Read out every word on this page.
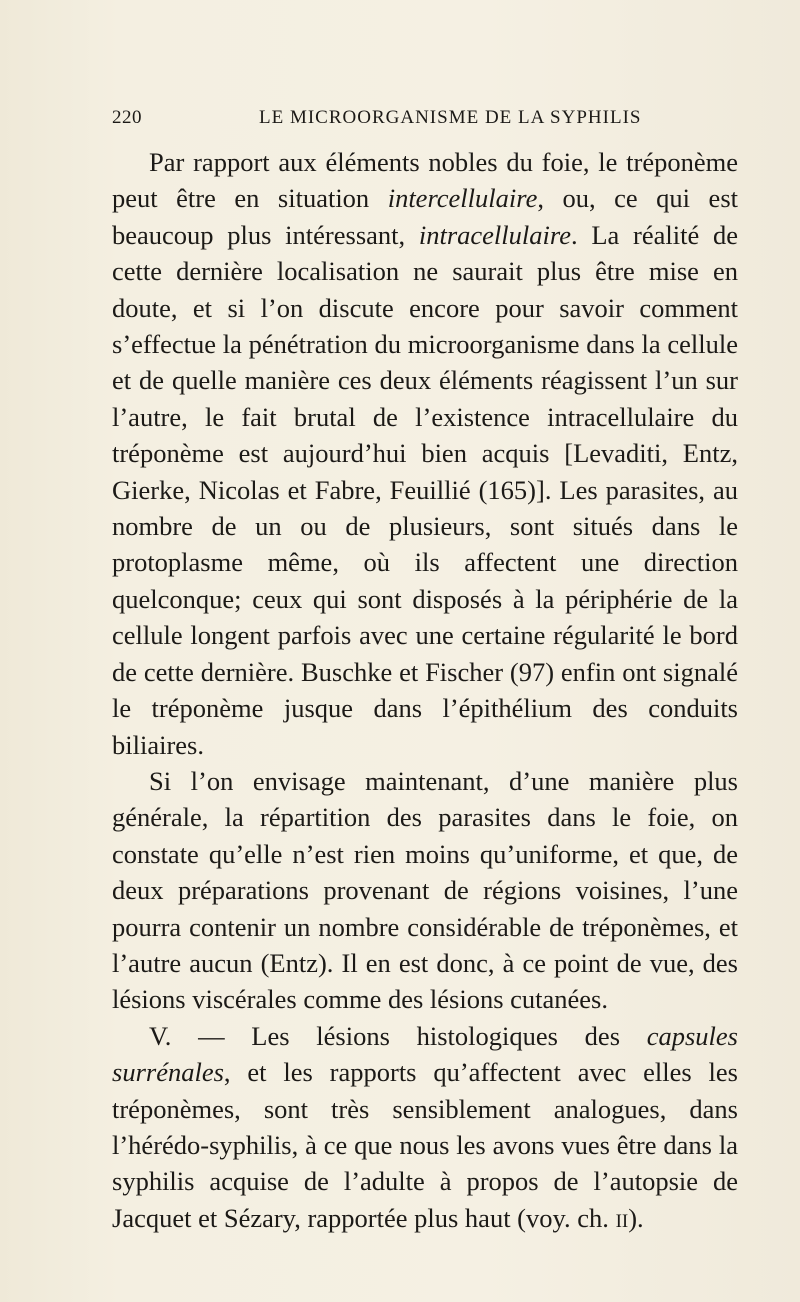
220	LE MICROORGANISME DE LA SYPHILIS

Par rapport aux éléments nobles du foie, le tréponème peut être en situation intercellulaire, ou, ce qui est beaucoup plus intéressant, intracellulaire. La réalité de cette dernière localisation ne saurait plus être mise en doute, et si l’on discute encore pour savoir comment s’effectue la pénétration du microorganisme dans la cellule et de quelle manière ces deux éléments réagissent l’un sur l’autre, le fait brutal de l’existence intracellulaire du tréponème est aujourd’hui bien acquis [Levaditi, Entz, Gierke, Nicolas et Fabre, Feuillié (165)]. Les parasites, au nombre de un ou de plusieurs, sont situés dans le protoplasme même, où ils affectent une direction quelconque; ceux qui sont disposés à la périphérie de la cellule longent parfois avec une certaine régularité le bord de cette dernière. Buschke et Fischer (97) enfin ont signalé le tréponème jusque dans l’épithélium des conduits biliaires.

Si l’on envisage maintenant, d’une manière plus générale, la répartition des parasites dans le foie, on constate qu’elle n’est rien moins qu’uniforme, et que, de deux préparations provenant de régions voisines, l’une pourra contenir un nombre considérable de tréponèmes, et l’autre aucun (Entz). Il en est donc, à ce point de vue, des lésions viscérales comme des lésions cutanées.

V. — Les lésions histologiques des capsules surrénales, et les rapports qu’affectent avec elles les tréponèmes, sont très sensiblement analogues, dans l’hérédo-syphilis, à ce que nous les avons vues être dans la syphilis acquise de l’adulte à propos de l’autopsie de Jacquet et Sézary, rapportée plus haut (voy. ch. ii).
